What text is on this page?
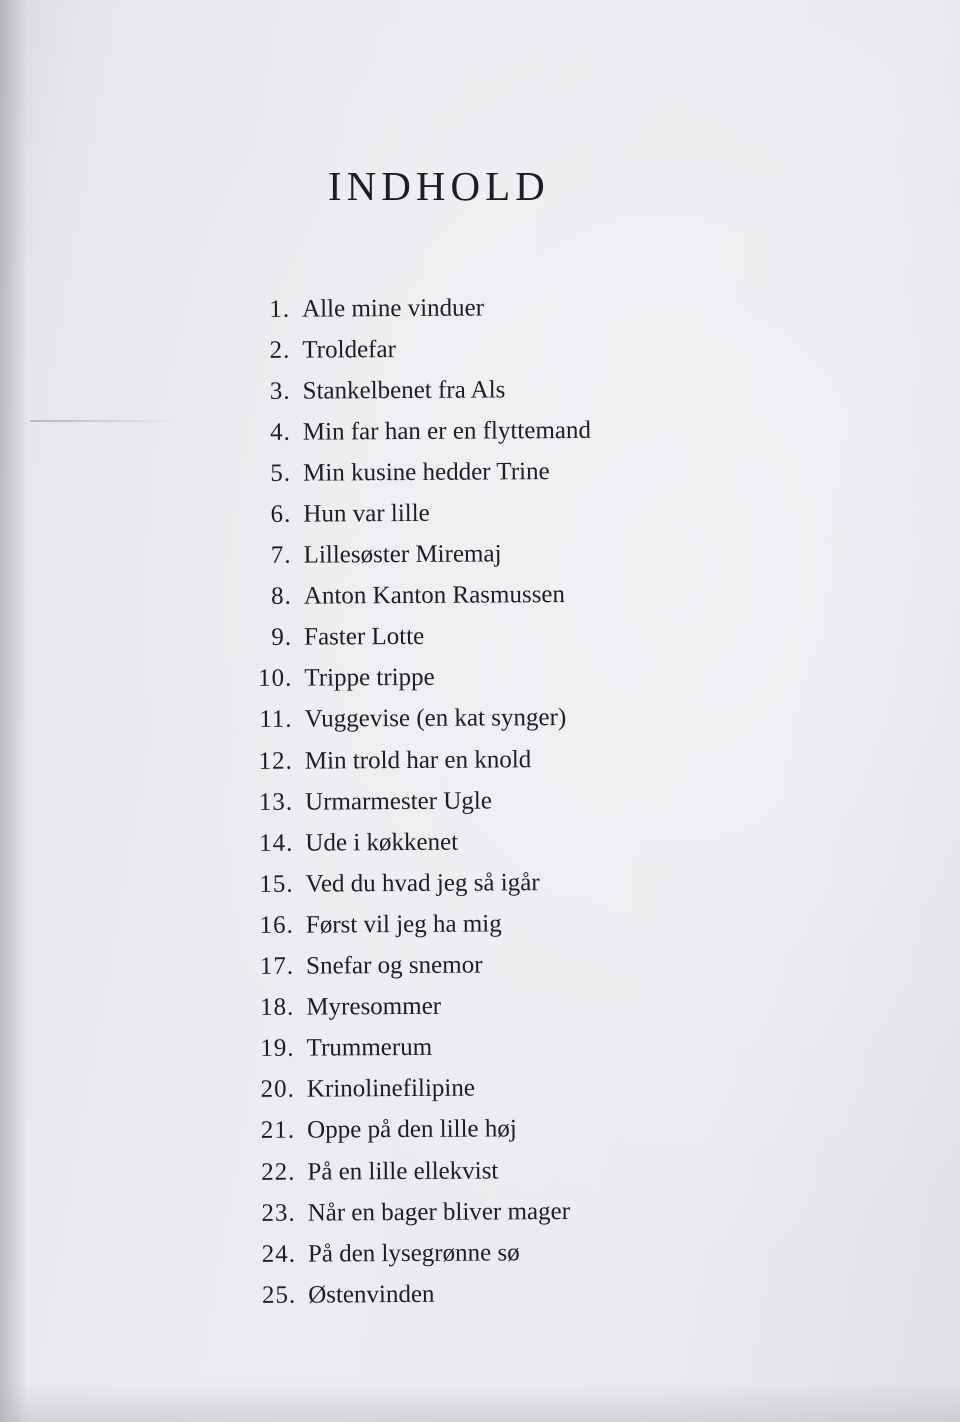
INDHOLD
1. Alle mine vinduer
2. Troldefar
3. Stankelbenet fra Als
4. Min far han er en flyttemand
5. Min kusine hedder Trine
6. Hun var lille
7. Lillesøster Miremaj
8. Anton Kanton Rasmussen
9. Faster Lotte
10. Trippe trippe
11. Vuggevise (en kat synger)
12. Min trold har en knold
13. Urmarmester Ugle
14. Ude i køkkenet
15. Ved du hvad jeg så igår
16. Først vil jeg ha mig
17. Snefar og snemor
18. Myresommer
19. Trummerum
20. Krinolinefilipine
21. Oppe på den lille høj
22. På en lille ellekvist
23. Når en bager bliver mager
24. På den lysegrønne sø
25. Østenvinden
